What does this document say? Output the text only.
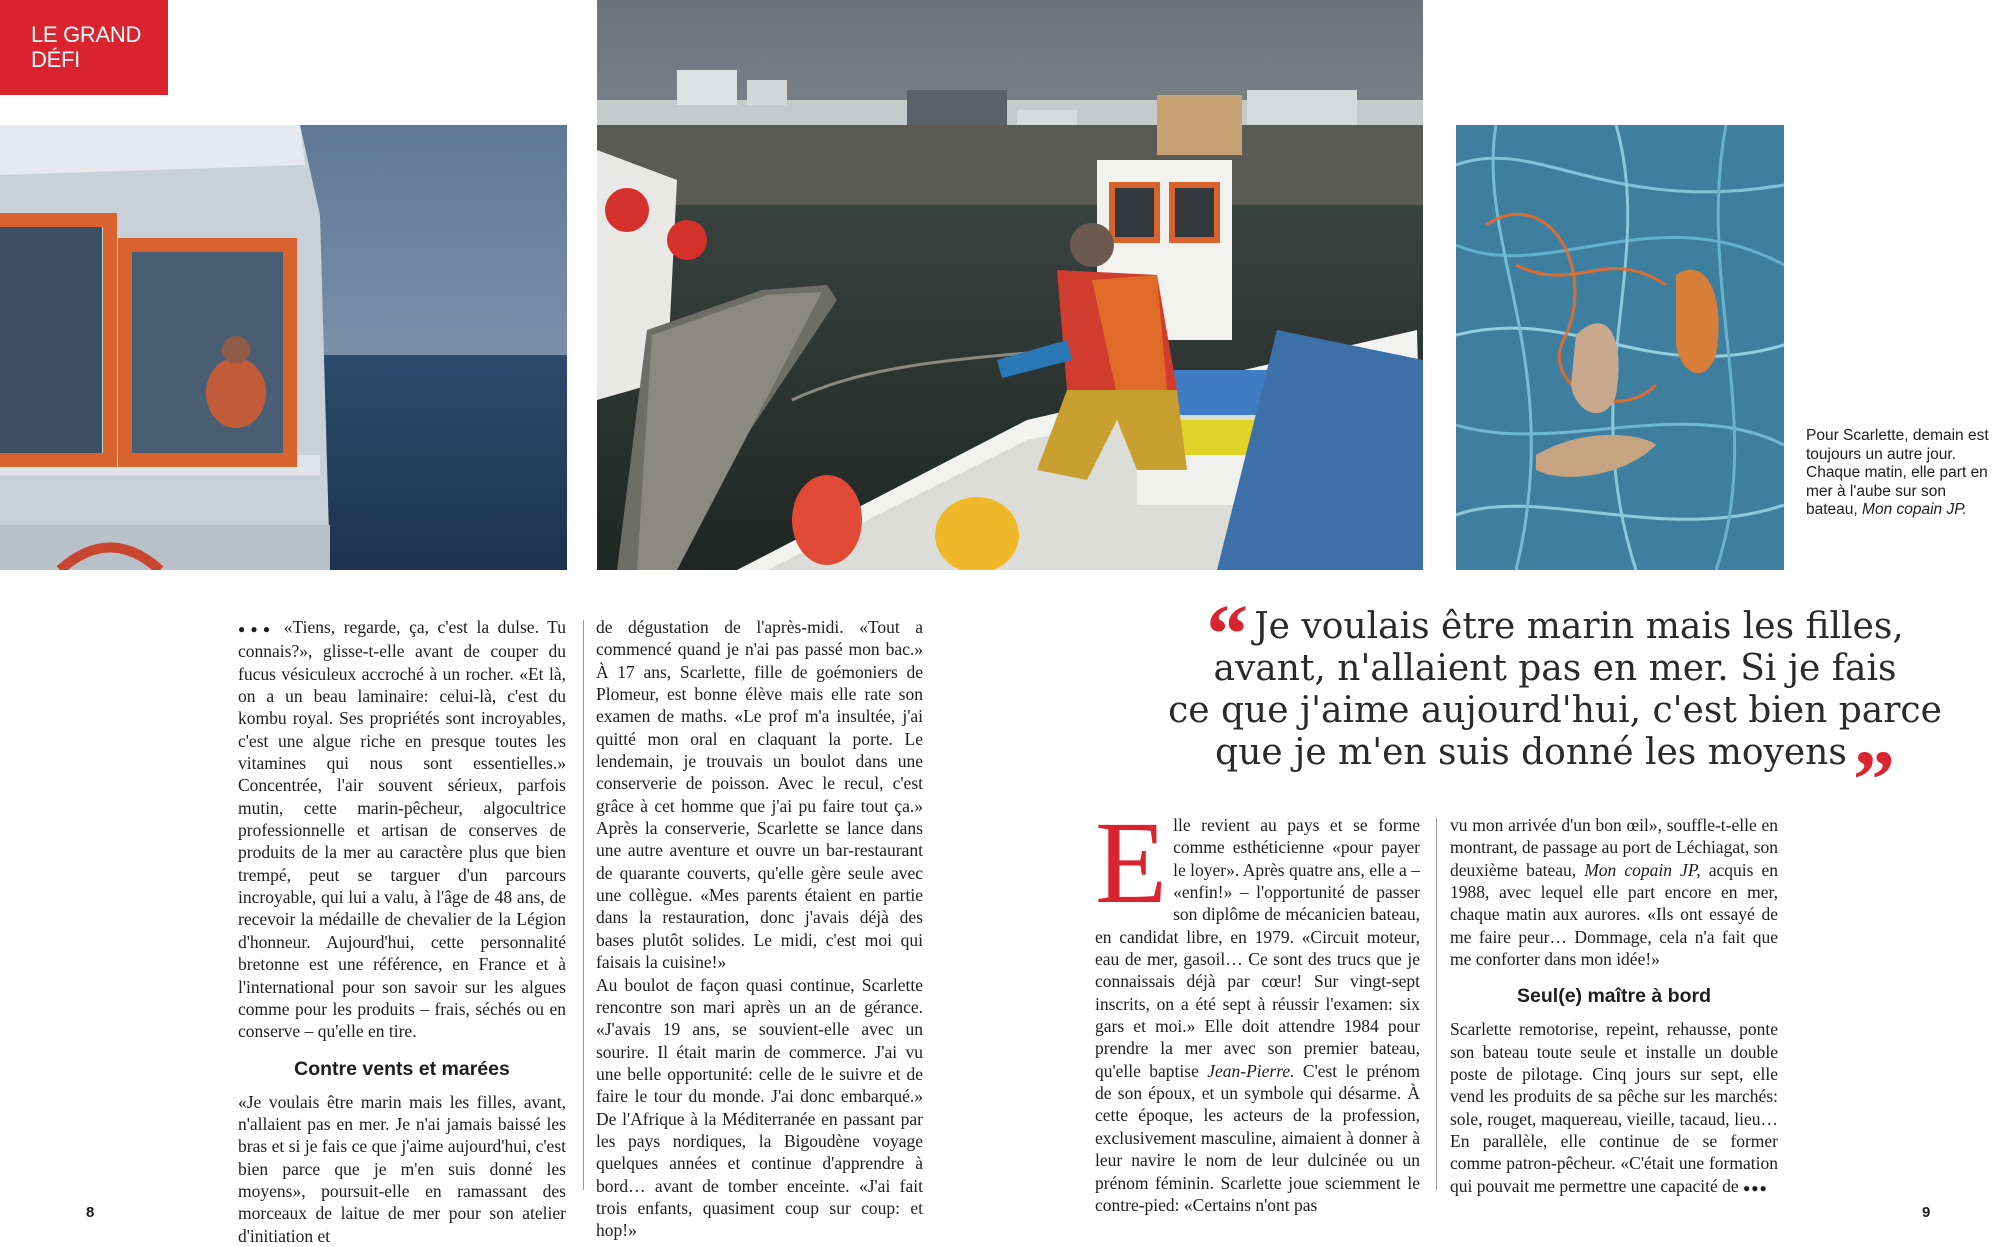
LE GRAND
DÉFI
Pour Scarlette, demain est toujours un autre jour. Chaque matin, elle part en mer à l'aube sur son bateau, Mon copain JP.

●●● «Tiens, regarde, ça, c'est la dulse. Tu connais?», glisse-t-elle avant de couper du fucus vésiculeux accroché à un rocher. «Et là, on a un beau laminaire: celui-là, c'est du kombu royal. Ses propriétés sont incroyables, c'est une algue riche en presque toutes les vitamines qui nous sont essentielles.» Concentrée, l'air souvent sérieux, parfois mutin, cette marin-pêcheur, algocultrice professionnelle et artisan de conserves de produits de la mer au caractère plus que bien trempé, peut se targuer d'un parcours incroyable, qui lui a valu, à l'âge de 48 ans, de recevoir la médaille de chevalier de la Légion d'honneur. Aujourd'hui, cette personnalité bretonne est une référence, en France et à l'international pour son savoir sur les algues comme pour les produits – frais, séchés ou en conserve – qu'elle en tire.

Contre vents et marées

«Je voulais être marin mais les filles, avant, n'allaient pas en mer. Je n'ai jamais baissé les bras et si je fais ce que j'aime aujourd'hui, c'est bien parce que je m'en suis donné les moyens», poursuit-elle en ramassant des morceaux de laitue de mer pour son atelier d'initiation et

de dégustation de l'après-midi. «Tout a commencé quand je n'ai pas passé mon bac.» À 17 ans, Scarlette, fille de goémoniers de Plomeur, est bonne élève mais elle rate son examen de maths. «Le prof m'a insultée, j'ai quitté mon oral en claquant la porte. Le lendemain, je trouvais un boulot dans une conserverie de poisson. Avec le recul, c'est grâce à cet homme que j'ai pu faire tout ça.» Après la conserverie, Scarlette se lance dans une autre aventure et ouvre un bar-restaurant de quarante couverts, qu'elle gère seule avec une collègue. «Mes parents étaient en partie dans la restauration, donc j'avais déjà des bases plutôt solides. Le midi, c'est moi qui faisais la cuisine!»

Au boulot de façon quasi continue, Scarlette rencontre son mari après un an de gérance. «J'avais 19 ans, se souvient-elle avec un sourire. Il était marin de commerce. J'ai vu une belle opportunité: celle de le suivre et de faire le tour du monde. J'ai donc embarqué.» De l'Afrique à la Méditerranée en passant par les pays nordiques, la Bigoudène voyage quelques années et continue d'apprendre à bord… avant de tomber enceinte. «J'ai fait trois enfants, quasiment coup sur coup: et hop!»

“ Je voulais être marin mais les filles,
avant, n'allaient pas en mer. Si je fais
ce que j'aime aujourd'hui, c'est bien parce
que je m'en suis donné les moyens”

Elle revient au pays et se forme comme esthéticienne «pour payer le loyer». Après quatre ans, elle a – «enfin!» – l'opportunité de passer son diplôme de mécanicien bateau, en candidat libre, en 1979. «Circuit moteur, eau de mer, gasoil… Ce sont des trucs que je connaissais déjà par cœur! Sur vingt-sept inscrits, on a été sept à réussir l'examen: six gars et moi.» Elle doit attendre 1984 pour prendre la mer avec son premier bateau, qu'elle baptise Jean-Pierre. C'est le prénom de son époux, et un symbole qui désarme. À cette époque, les acteurs de la profession, exclusivement masculine, aimaient à donner à leur navire le nom de leur dulcinée ou un prénom féminin. Scarlette joue sciemment le contre-pied: «Certains n'ont pas

vu mon arrivée d'un bon œil», souffle-t-elle en montrant, de passage au port de Léchiagat, son deuxième bateau, Mon copain JP, acquis en 1988, avec lequel elle part encore en mer, chaque matin aux aurores. «Ils ont essayé de me faire peur… Dommage, cela n'a fait que me conforter dans mon idée!»

Seul(e) maître à bord

Scarlette remotorise, repeint, rehausse, ponte son bateau toute seule et installe un double poste de pilotage. Cinq jours sur sept, elle vend les produits de sa pêche sur les marchés: sole, rouget, maquereau, vieille, tacaud, lieu… En parallèle, elle continue de se former comme patron-pêcheur. «C'était une formation qui pouvait me permettre une capacité de ●●●

8	9
